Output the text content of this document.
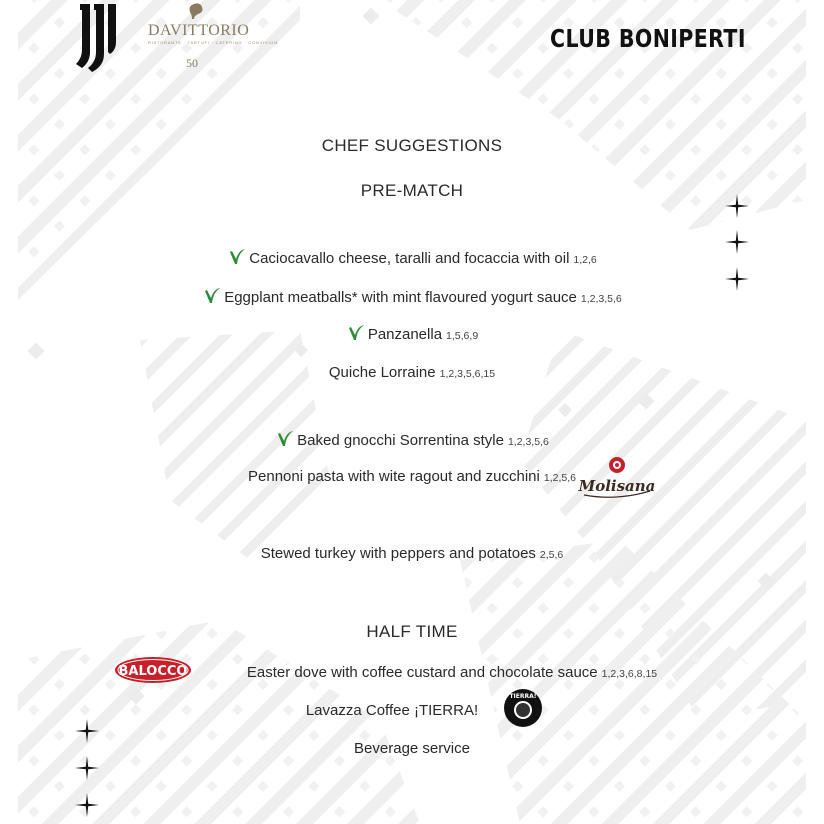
DAVITTORIO
RISTORANTE · TARTUFI · CATERING · CONVIVIUM
50
CLUB BONIPERTI
CHEF SUGGESTIONS
PRE-MATCH
Caciocavallo cheese, taralli and focaccia with oil 1,2,6
Eggplant meatballs* with mint flavoured yogurt sauce 1,2,3,5,6
Panzanella 1,5,6,9
Quiche Lorraine 1,2,3,5,6,15
Baked gnocchi Sorrentina style 1,2,3,5,6
Pennoni pasta with wite ragout and zucchini 1,2,5,6 Molisana
Stewed turkey with peppers and potatoes 2,5,6
HALF TIME
Easter dove with coffee custard and chocolate sauce 1,2,3,6,8,15
BALOCCO
Lavazza Coffee ¡TIERRA!
TIERRA!
Beverage service
